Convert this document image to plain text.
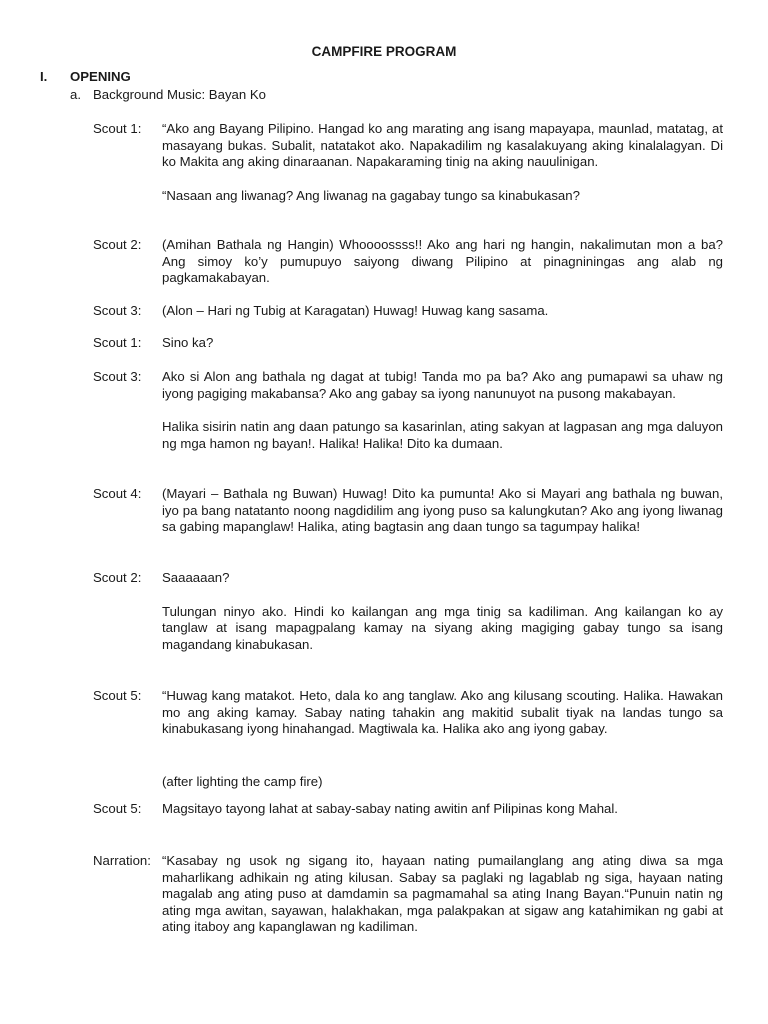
CAMPFIRE PROGRAM
I. OPENING
a. Background Music: Bayan Ko
Scout 1:	“Ako ang Bayang Pilipino. Hangad ko ang marating ang isang mapayapa, maunlad, matatag, at masayang bukas. Subalit, natatakot ako. Napakadilim ng kasalakuyang aking kinalalagyan. Di ko Makita ang aking dinaraanan. Napakaraming tinig na aking nauulinigan.
“Nasaan ang liwanag? Ang liwanag na gagabay tungo sa kinabukasan?
Scout 2:	(Amihan Bathala ng Hangin) Whoooossss!! Ako ang hari ng hangin, nakalimutan mon a ba? Ang simoy ko’y pumupuyo saiyong diwang Pilipino at pinagniningas ang alab ng pagkamakabayan.
Scout 3:	(Alon – Hari ng Tubig at Karagatan) Huwag! Huwag kang sasama.
Scout 1:	Sino ka?
Scout 3:	Ako si Alon ang bathala ng dagat at tubig! Tanda mo pa ba? Ako ang pumapawi sa uhaw ng iyong pagiging makabansa? Ako ang gabay sa iyong nanunuyot na pusong makabayan.
Halika sisirin natin ang daan patungo sa kasarinlan, ating sakyan at lagpasan ang mga daluyon ng mga hamon ng bayan!. Halika! Halika! Dito ka dumaan.
Scout 4:	(Mayari – Bathala ng Buwan) Huwag! Dito ka pumunta! Ako si Mayari ang bathala ng buwan, iyo pa bang natatanto noong nagdidilim ang iyong puso sa kalungkutan? Ako ang iyong liwanag sa gabing mapanglaw! Halika, ating bagtasin ang daan tungo sa tagumpay halika!
Scout 2:	Saaaaaan?
Tulungan ninyo ako. Hindi ko kailangan ang mga tinig sa kadiliman. Ang kailangan ko ay tanglaw at isang mapagpalang kamay na siyang aking magiging gabay tungo sa isang magandang kinabukasan.
Scout 5:	“Huwag kang matakot. Heto, dala ko ang tanglaw. Ako ang kilusang scouting. Halika. Hawakan mo ang aking kamay. Sabay nating tahakin ang makitid subalit tiyak na landas tungo sa kinabukasang iyong hinahangad. Magtiwala ka. Halika ako ang iyong gabay.
(after lighting the camp fire)
Scout 5:	Magsitayo tayong lahat at sabay-sabay nating awitin anf Pilipinas kong Mahal.
Narration: “Kasabay ng usok ng sigang ito, hayaan nating pumailanglang ang ating diwa sa mga maharlikang adhikain ng ating kilusan. Sabay sa paglaki ng lagablab ng siga, hayaan nating magalab ang ating puso at damdamin sa pagmamahal sa ating Inang Bayan.“Punuin natin ng ating mga awitan, sayawan, halakhakan, mga palakpakan at sigaw ang katahimikan ng gabi at ating itaboy ang kapanglawan ng kadiliman.
